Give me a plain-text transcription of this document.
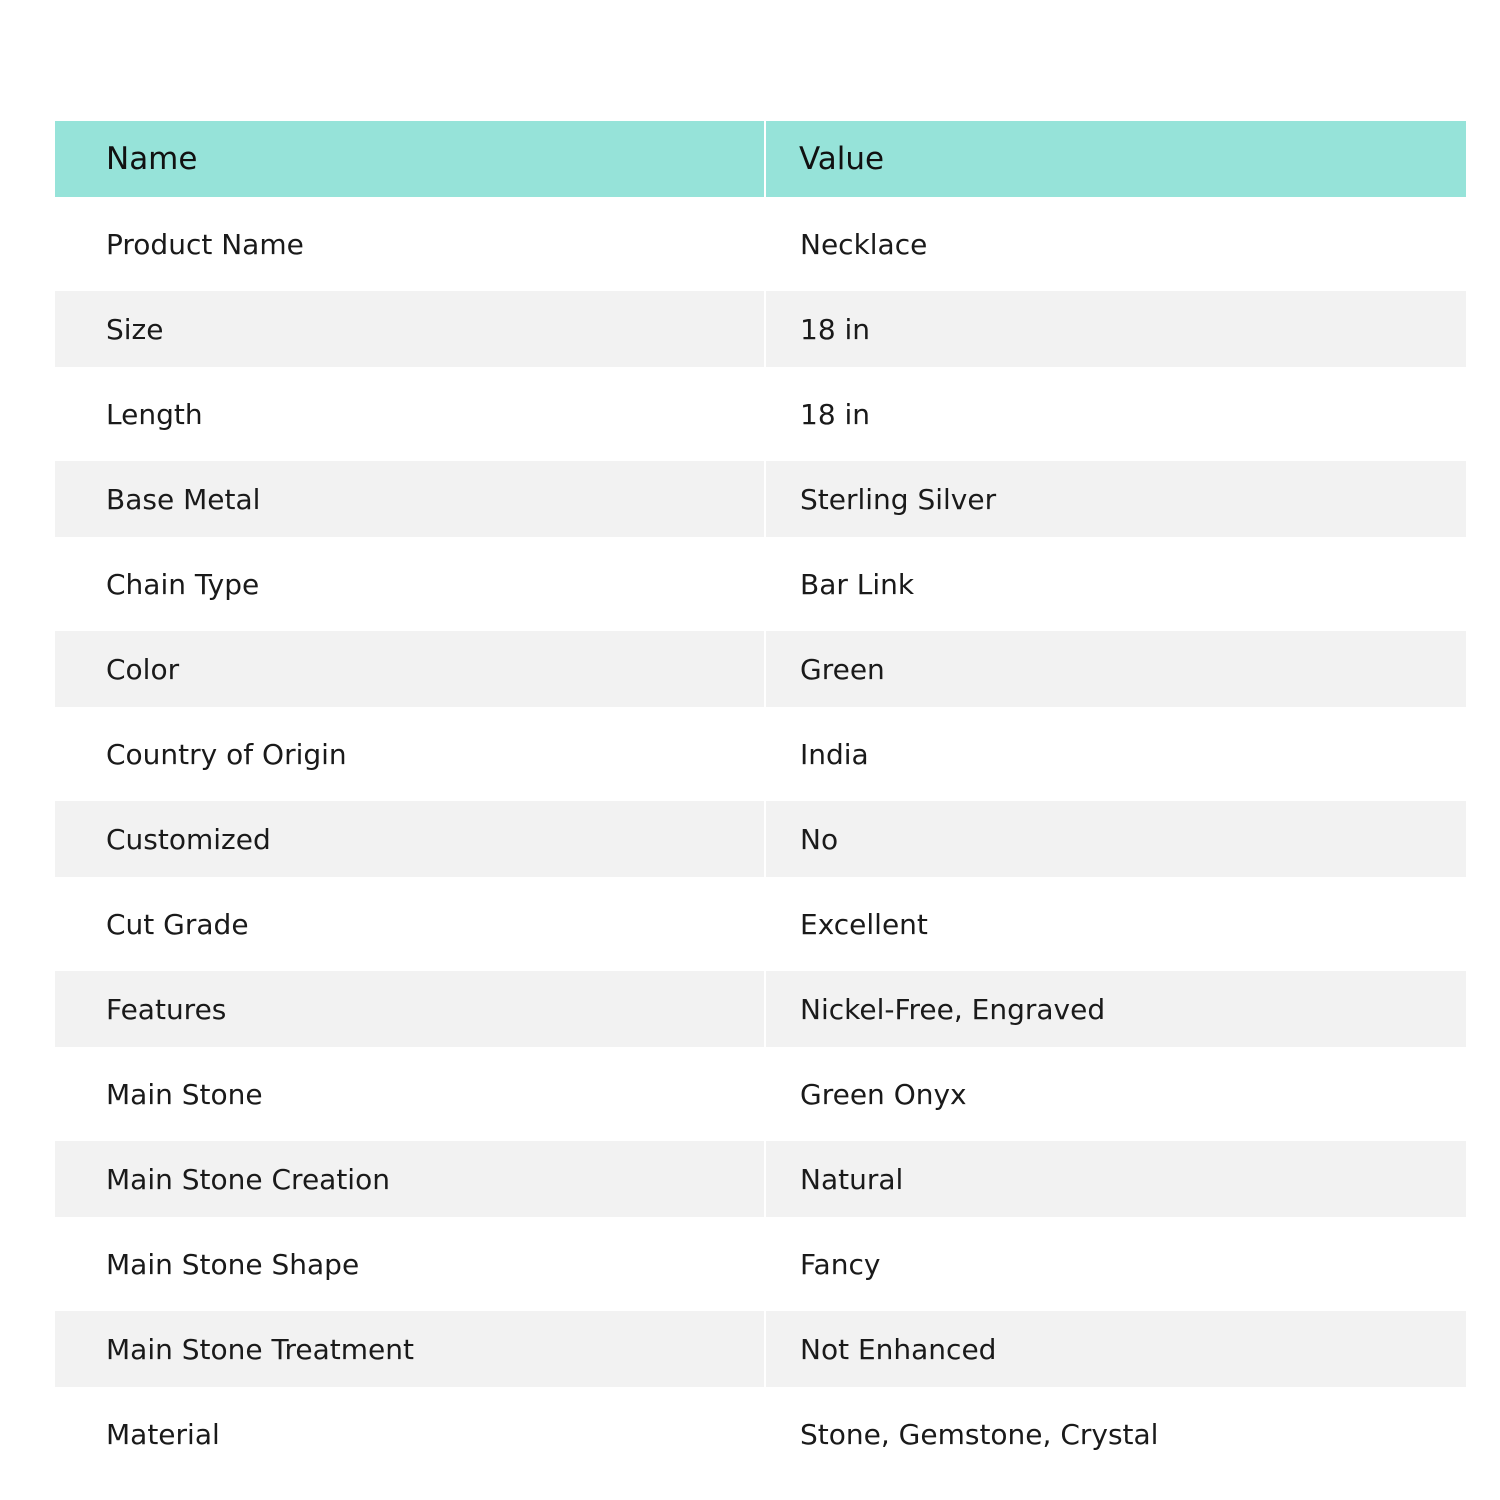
Name	Value
Product Name	Necklace
Size	18 in
Length	18 in
Base Metal	Sterling Silver
Chain Type	Bar Link
Color	Green
Country of Origin	India
Customized	No
Cut Grade	Excellent
Features	Nickel-Free, Engraved
Main Stone	Green Onyx
Main Stone Creation	Natural
Main Stone Shape	Fancy
Main Stone Treatment	Not Enhanced
Material	Stone, Gemstone, Crystal
